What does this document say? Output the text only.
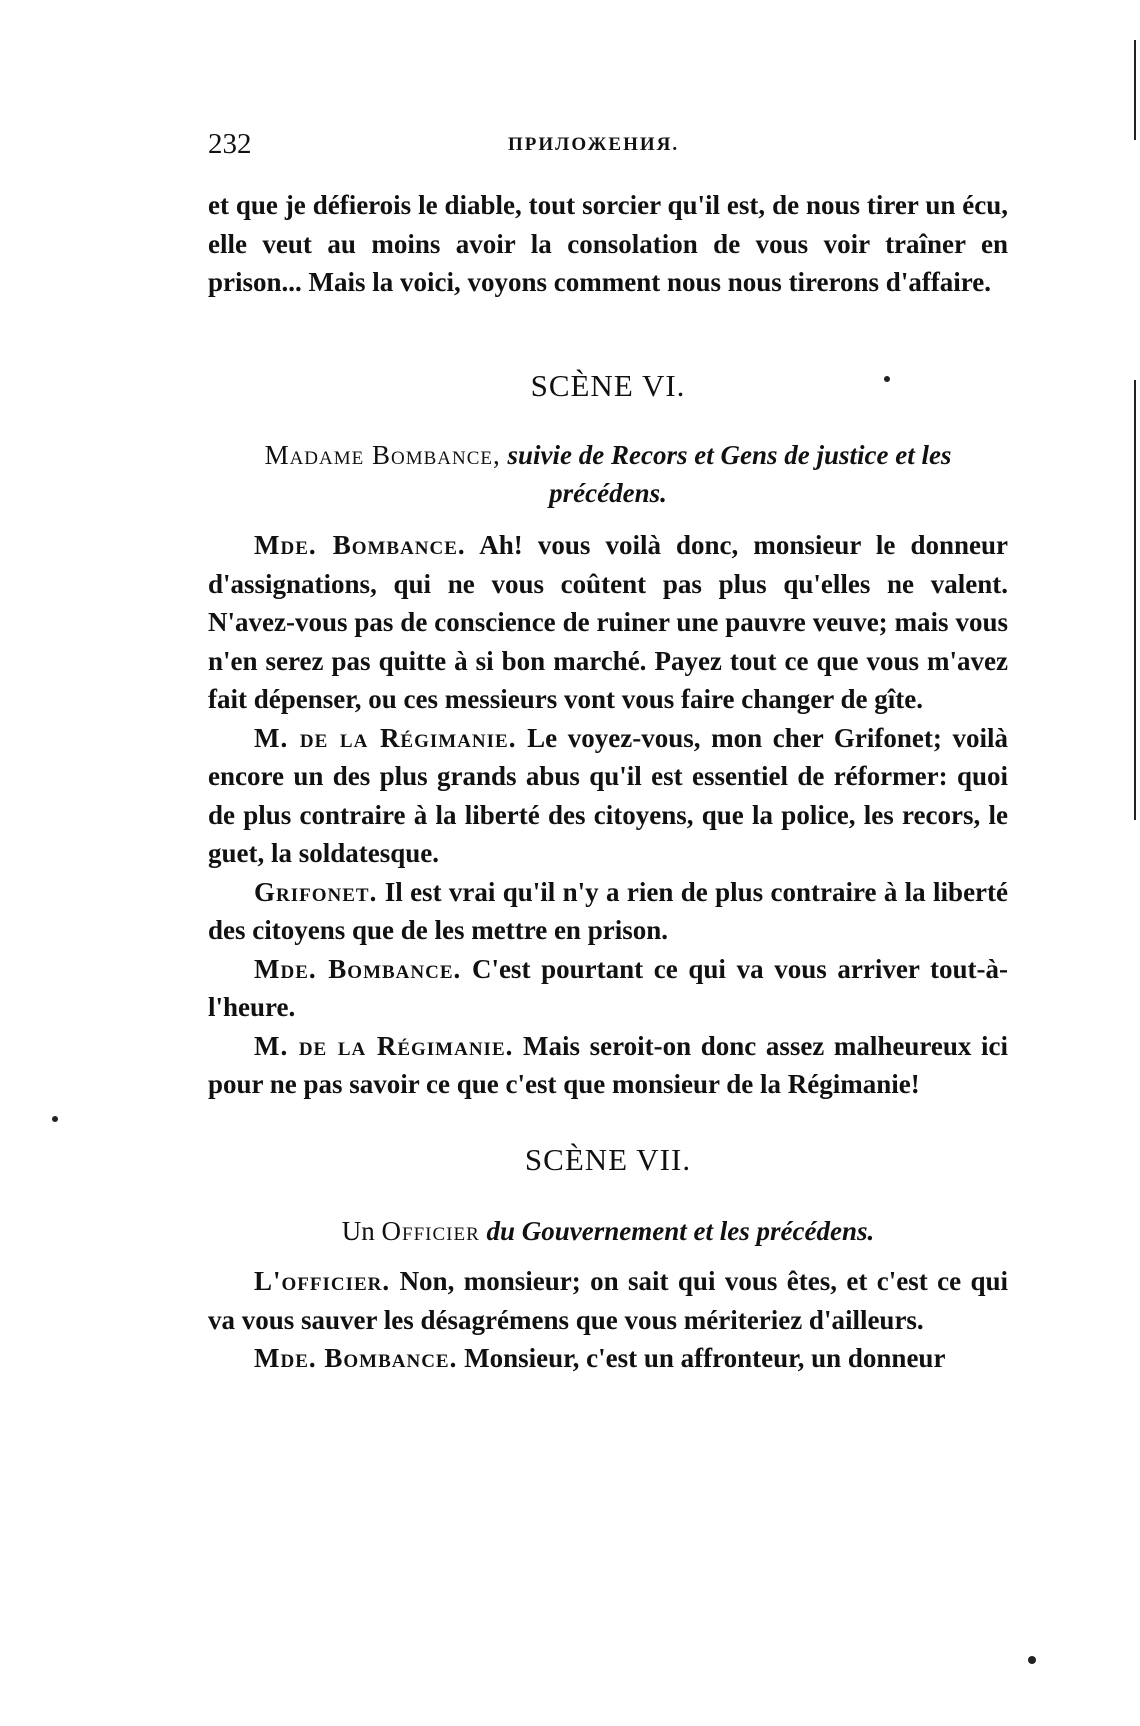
232	ПРИЛОЖЕНИЯ.

et que je défierois le diable, tout sorcier qu'il est, de nous tirer un écu, elle veut au moins avoir la consolation de vous voir traîner en prison... Mais la voici, voyons comment nous nous tirerons d'affaire.

SCÈNE VI.

Madame Bombance, suivie de Recors et Gens de justice et les précédens.

Mde. Bombance. Ah! vous voilà donc, monsieur le donneur d'assignations, qui ne vous coûtent pas plus qu'elles ne valent. N'avez-vous pas de conscience de ruiner une pauvre veuve; mais vous n'en serez pas quitte à si bon marché. Payez tout ce que vous m'avez fait dépenser, ou ces messieurs vont vous faire changer de gîte.

M. de la Régimanie. Le voyez-vous, mon cher Grifonet; voilà encore un des plus grands abus qu'il est essentiel de réformer: quoi de plus contraire à la liberté des citoyens, que la police, les recors, le guet, la soldatesque.

Grifonet. Il est vrai qu'il n'y a rien de plus contraire à la liberté des citoyens que de les mettre en prison.

Mde. Bombance. C'est pourtant ce qui va vous arriver tout-à-l'heure.

M. de la Régimanie. Mais seroit-on donc assez malheureux ici pour ne pas savoir ce que c'est que monsieur de la Régimanie!

SCÈNE VII.

Un Officier du Gouvernement et les précédens.

L'officier. Non, monsieur; on sait qui vous êtes, et c'est ce qui va vous sauver les désagrémens que vous mériteriez d'ailleurs.

Mde. Bombance. Monsieur, c'est un affronteur, un donneur
